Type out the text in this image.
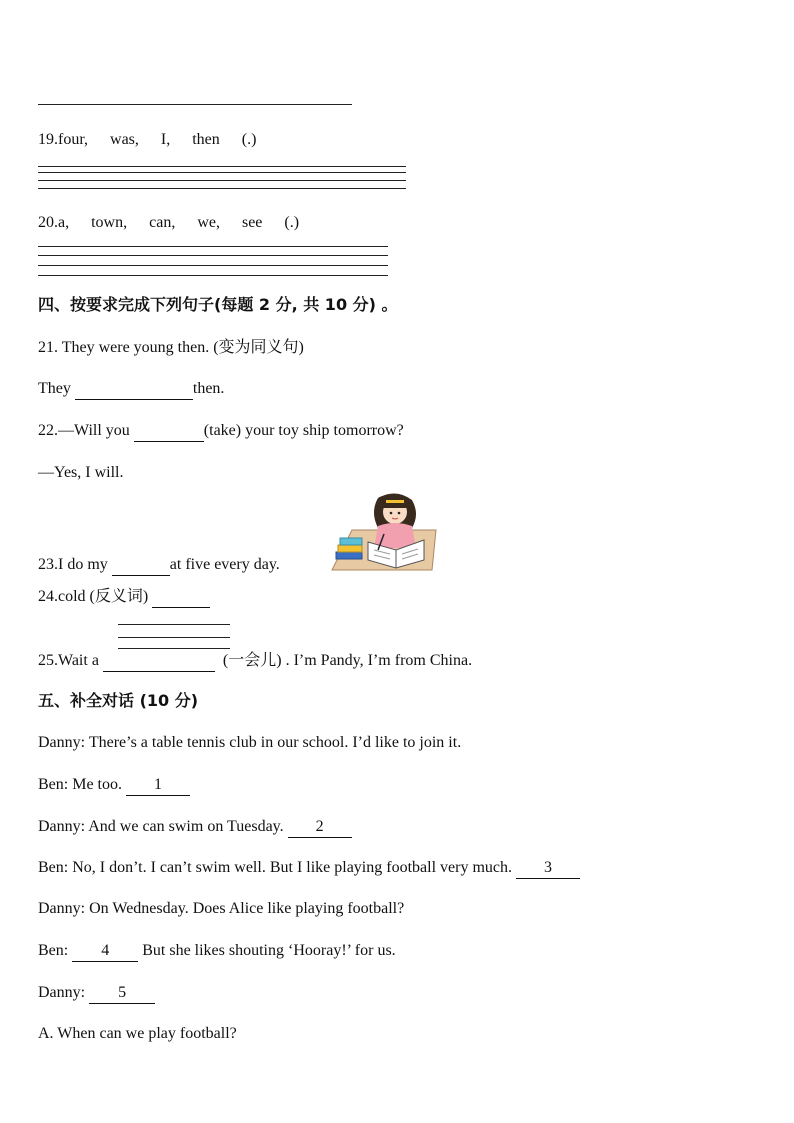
19.four, was, I, then (.)
20.a, town, can, we, see (.)
四、按要求完成下列句子(每题 2 分, 共 10 分) 。
21. They were young then. (变为同义句)
They	then.
22.—Will you	(take) your toy ship tomorrow?
—Yes, I will.
23.I do my	at five every day.
24.cold (反义词)
25.Wait a	(一会儿) . I’m Pandy, I’m from China.
五、补全对话 (10 分)
Danny: There’s a table tennis club in our school. I’d like to join it.
Ben: Me too. 1
Danny: And we can swim on Tuesday. 2
Ben: No, I don’t. I can’t swim well. But I like playing football very much. 3
Danny: On Wednesday. Does Alice like playing football?
Ben: 4 But she likes shouting ‘Hooray!’ for us.
Danny: 5
A. When can we play football?
